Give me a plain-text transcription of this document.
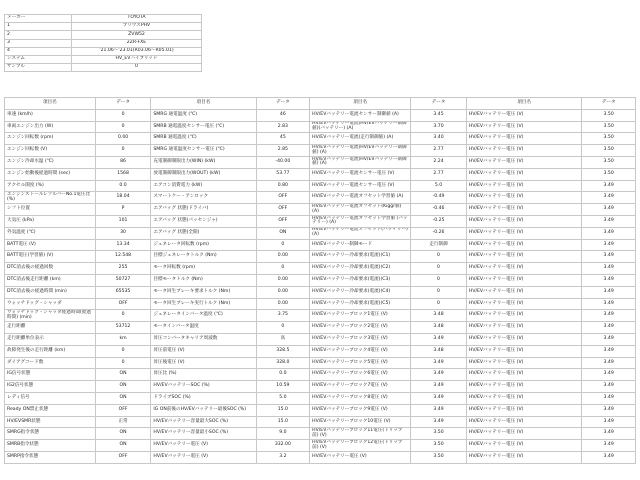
メーカー	TOYOTA
1	プリウスPHV
2	ZVW52
3	2ZR-FXE
4	'21.06～'23.01(R03.06～R05.01)
システム	HV_EVハイブリッド
サンプル	0
項目名	データ	項目名	データ	項目名	データ	項目名	データ
車速 (km/h)	0	SMRG 通電温度 (℃)	46	HV/EVバッテリー電流センサー制御値 (A)	3.45	HV/EVバッテリー電圧 (V)	3.50
車両エンジン出力 (W)	0	SMRB 通電温度センサー電圧 (℃)	2.83	HV/EVバッテリー電流(HV/EVバッテリー制御値)(バッテリー) (A)	3.70	HV/EVバッテリー電圧 (V)	3.50
エンジン回転数 (rpm)	0.00	SMRB 通電温度 (℃)	45	HV/EVバッテリー電流(走行制御値) (A)	3.40	HV/EVバッテリー電圧 (V)	3.50
エンジン回転数 (V)	0	SMRG 通電温度センサー電圧 (℃)	2.85	HV/EVバッテリー電流(HV/EVバッテリー制御値) (A)	2.77	HV/EVバッテリー電圧 (V)	3.50
エンジン冷却水温 (℃)	86	充電制御制限出力(WIN) (kW)	-40.00	HV/EVバッテリー電流(HV/EVバッテリー制御値) (A)	2.24	HV/EVバッテリー電圧 (V)	3.50
エンジン始動後経過時間 (sec)	1568	放電制御制限出力(WOUT) (kW)	53.77	HV/EVバッテリー電流センサー電圧 (V)	2.77	HV/EVバッテリー電圧 (V)	3.50
アクセル開度 (%)	0.0	エアコン消費電力 (kW)	0.80	HV/EVバッテリー電流センサー電圧 (V)	5.0	HV/EVバッテリー電圧 (V)	3.49
エンジンストールレゾルバーNo.1電圧比 (%)	18.04	スマートケー・アンロック	OFF	HV/EVバッテリー電流オフセット学習値 (A)	-0.49	HV/EVバッテリー電圧 (V)	3.49
シフト位置	P	エアバッグ 状態(ドライバ)	OFF	HV/EVバッテリー電流オフセット(Kiggr値) (A)	-0.46	HV/EVバッテリー電圧 (V)	3.49
大気圧 (kPa)	101	エアバッグ 状態(パッセンジャ)	OFF	HV/EVバッテリー電流オフセット学習値 (バッテリー) (A)	-0.25	HV/EVバッテリー電圧 (V)	3.49
外気温度 (℃)	30	エアバッグ 状態(全開)	ON	HV/EVバッテリー電流オフセット(バッテリー) (A)	-0.26	HV/EVバッテリー電圧 (V)	3.49
BATT電圧 (V)	13.34	ジェネレータ回転数 (rpm)	0	HV/EVバッテリー制御モード	走行制御	HV/EVバッテリー電圧 (V)	3.49
BATT電圧(学習値) (V)	12.548	目標ジェネレータトルク (Nm)	0.00	HV/EVバッテリー冷却要求(電流)(C1)	0	HV/EVバッテリー電圧 (V)	3.49
DTC消去後の経過回数	255	モータ回転数 (rpm)	0	HV/EVバッテリー冷却要求(電流)(C2)	0	HV/EVバッテリー電圧 (V)	3.49
DTC消去後走行距離 (km)	50727	目標モータトルク (Nm)	0.00	HV/EVバッテリー冷却要求(電流)(C3)	0	HV/EVバッテリー電圧 (V)	3.49
DTC消去後の経過時間 (min)	65535	モータ回生ブレーキ要求トルク (Nm)	0.00	HV/EVバッテリー冷却要求(電流)(C4)	0	HV/EVバッテリー電圧 (V)	3.49
ウォッチドッグ・シャッダ	OFF	モータ回生ブレーキ実行トルク (Nm)	0.00	HV/EVバッテリー冷却要求(電流)(C5)	0	HV/EVバッテリー電圧 (V)	3.49
ウォッチドッグ・シャッダ経過時間(経過時間) (min)	0	ジェネレータインバータ温度 (℃)	3.75	HV/EVバッテリーブロック1電圧 (V)	3.48	HV/EVバッテリー電圧 (V)	3.49
走行距離	53712	モータインバータ温度	0	HV/EVバッテリーブロック2電圧 (V)	3.48	HV/EVバッテリー電圧 (V)	3.49
走行距離単位表示	km	昇圧コンバータキャリア周波数	高	HV/EVバッテリーブロック3電圧 (V)	3.49	HV/EVバッテリー電圧 (V)	3.49
故障発生後の走行距離 (km)	0	昇圧前電圧 (V)	328.5	HV/EVバッテリーブロック4電圧 (V)	3.48	HV/EVバッテリー電圧 (V)	3.49
ダイアグコード数	0	昇圧後電圧 (V)	328.0	HV/EVバッテリーブロック5電圧 (V)	3.49	HV/EVバッテリー電圧 (V)	3.49
IG信号状態	ON	昇圧比 (%)	0.0	HV/EVバッテリーブロック6電圧 (V)	3.49	HV/EVバッテリー電圧 (V)	3.49
IG2信号状態	ON	HV/EVバッテリーSOC (%)	10.59	HV/EVバッテリーブロック7電圧 (V)	3.49	HV/EVバッテリー電圧 (V)	3.49
レディ信号	ON	ドライブSOC (%)	5.0	HV/EVバッテリーブロック8電圧 (V)	3.49	HV/EVバッテリー電圧 (V)	3.49
Ready ON禁止状態	OFF	IG ON前後のHV/EVバッテリー最後SOC (%)	15.0	HV/EVバッテリーブロック9電圧 (V)	3.49	HV/EVバッテリー電圧 (V)	3.49
HV/EVSMR状態	正常	HV/EVバッテリー容量最大SOC (%)	15.0	HV/EVバッテリーブロック10電圧 (V)	3.49	HV/EVバッテリー電圧 (V)	3.49
SMRG指令状態	ON	HV/EVバッテリー容量最小SOC (%)	9.0	HV/EVバッテリーブロック11電圧(トリップ 前) (V)	3.50	HV/EVバッテリー電圧 (V)	3.49
SMRB指令状態	ON	HV/EVバッテリー電圧 (V)	332.00	HV/EVバッテリーブロック12電圧(トリップ 前) (V)	3.50	HV/EVバッテリー電圧 (V)	3.49
SMRP指令状態	OFF	HV/EVバッテリー電圧 (V)	3.2	HV/EVバッテリー電圧 (V)	3.50	HV/EVバッテリー電圧 (V)	3.49
